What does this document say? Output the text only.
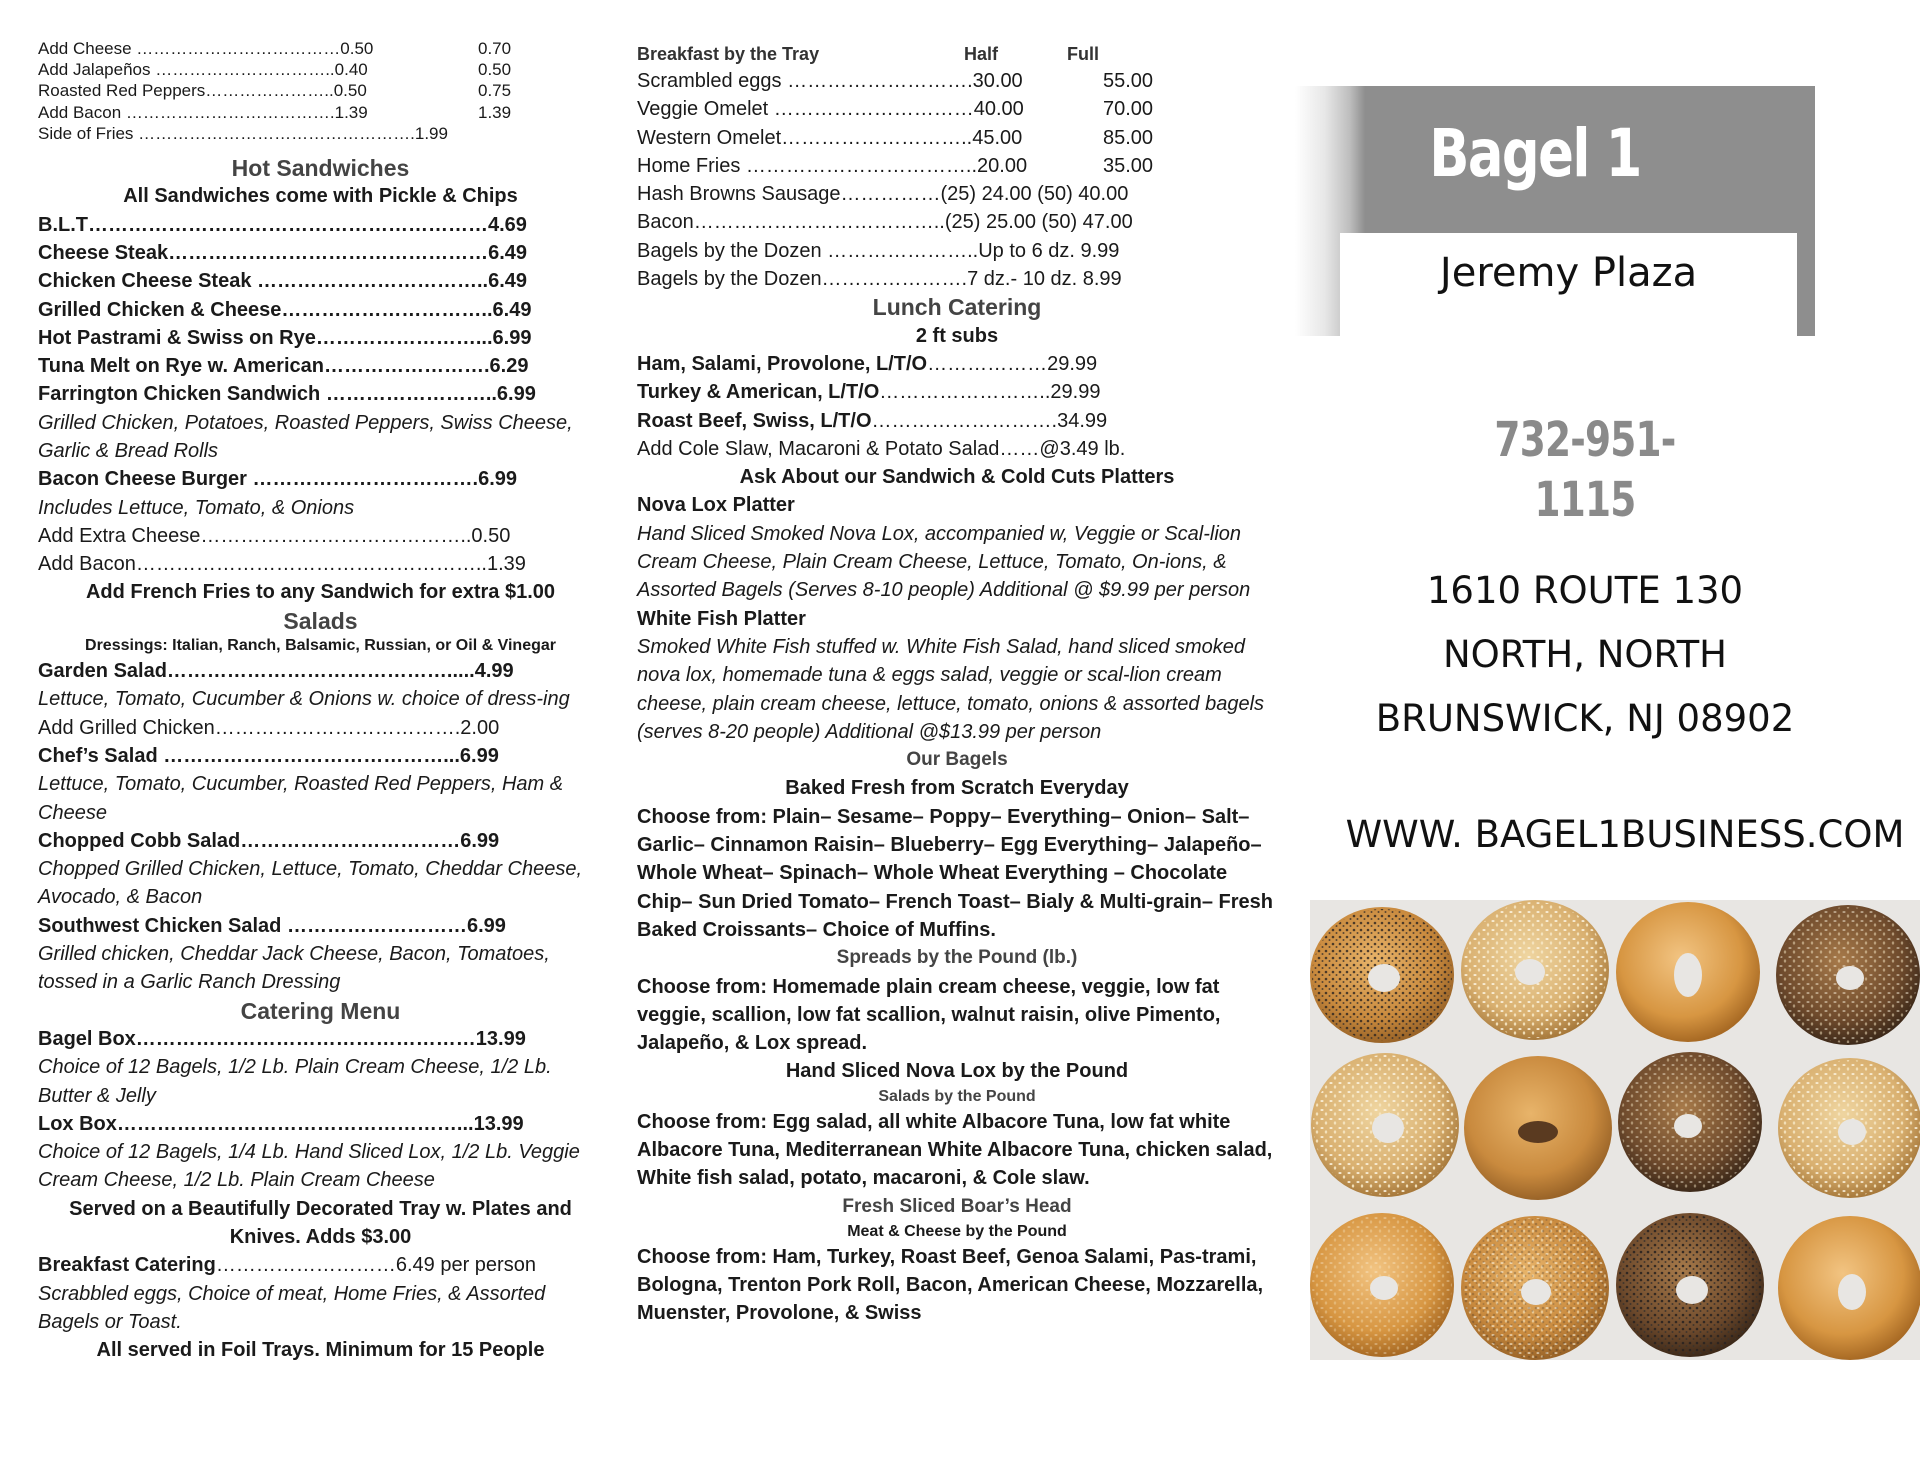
Add Cheese ………………………………0.50	0.70
Add Jalapeños …………………………..0.40	0.50
Roasted Red Peppers…………………..0.50	0.75
Add Bacon ……………………………….1.39	1.39
Side of Fries ………………………………………….1.99
Hot Sandwiches
All Sandwiches come with Pickle & Chips
B.L.T……………………………………………………4.69
Cheese Steak…………………………………………6.49
Chicken Cheese Steak ……………………………..6.49
Grilled Chicken & Cheese…………………………..6.49
Hot Pastrami & Swiss on Rye……………………...6.99
Tuna Melt on Rye w. American…………………….6.29
Farrington Chicken Sandwich ……………………..6.99
Grilled Chicken, Potatoes, Roasted Peppers, Swiss Cheese, Garlic & Bread Rolls
Bacon Cheese Burger …………………………….6.99
Includes Lettuce, Tomato, & Onions
Add Extra Cheese…………………………………..0.50
Add Bacon……………………………………………..1.39
Add French Fries to any Sandwich for extra $1.00
Salads
Dressings: Italian, Ranch, Balsamic, Russian, or Oil & Vinegar
Garden Salad…………………………………….....4.99
Lettuce, Tomato, Cucumber & Onions w. choice of dress-ing
Add Grilled Chicken……………………………….2.00
Chef’s Salad ……………………………………...6.99
Lettuce, Tomato, Cucumber, Roasted Red Peppers, Ham & Cheese
Chopped Cobb Salad……………………………6.99
Chopped Grilled Chicken, Lettuce, Tomato, Cheddar Cheese, Avocado, & Bacon
Southwest Chicken Salad ………………………6.99
Grilled chicken, Cheddar Jack Cheese, Bacon, Tomatoes, tossed in a Garlic Ranch Dressing
Catering Menu
Bagel Box……………………………………………13.99
Choice of 12 Bagels, 1/2 Lb. Plain Cream Cheese, 1/2 Lb. Butter & Jelly
Lox Box……………………………………………...13.99
Choice of 12 Bagels, 1/4 Lb. Hand Sliced Lox, 1/2 Lb. Veggie Cream Cheese, 1/2 Lb. Plain Cream Cheese
Served on a Beautifully Decorated Tray w. Plates and Knives. Adds $3.00
Breakfast Catering………………………6.49 per person
Scrabbled eggs, Choice of meat, Home Fries, & Assorted Bagels or Toast.
All served in Foil Trays. Minimum for 15 People
Breakfast by the Tray	Half	Full
Scrambled eggs ……………………….30.00	55.00
Veggie Omelet …………………………40.00	70.00
Western Omelet………………………..45.00	85.00
Home Fries ……………………………..20.00	35.00
Hash Browns Sausage……………(25) 24.00 (50) 40.00
Bacon………………………………..(25) 25.00 (50) 47.00
Bagels by the Dozen …………………..Up to 6 dz. 9.99
Bagels by the Dozen………………….7 dz.- 10 dz. 8.99
Lunch Catering
2 ft subs
Ham, Salami, Provolone, L/T/O………………29.99
Turkey & American, L/T/O……………………..29.99
Roast Beef, Swiss, L/T/O……………………….34.99
Add Cole Slaw, Macaroni & Potato Salad……@3.49 lb.
Ask About our Sandwich & Cold Cuts Platters
Nova Lox Platter
Hand Sliced Smoked Nova Lox, accompanied w, Veggie or Scal-lion Cream Cheese, Plain Cream Cheese, Lettuce, Tomato, On-ions, & Assorted Bagels (Serves 8-10 people) Additional @ $9.99 per person
White Fish Platter
Smoked White Fish stuffed w. White Fish Salad, hand sliced smoked nova lox, homemade tuna & eggs salad, veggie or scal-lion cream cheese, plain cream cheese, lettuce, tomato, onions & assorted bagels (serves 8-20 people) Additional @$13.99 per person
Our Bagels
Baked Fresh from Scratch Everyday
Choose from: Plain– Sesame– Poppy– Everything– Onion– Salt– Garlic– Cinnamon Raisin– Blueberry– Egg Everything– Jalapeño– Whole Wheat– Spinach– Whole Wheat Everything – Chocolate Chip– Sun Dried Tomato– French Toast– Bialy & Multi-grain– Fresh Baked Croissants– Choice of Muffins.
Spreads by the Pound (lb.)
Choose from: Homemade plain cream cheese, veggie, low fat veggie, scallion, low fat scallion, walnut raisin, olive Pimento, Jalapeño, & Lox spread.
Hand Sliced Nova Lox by the Pound
Salads by the Pound
Choose from: Egg salad, all white Albacore Tuna, low fat white Albacore Tuna, Mediterranean White Albacore Tuna, chicken salad, White fish salad, potato, macaroni, & Cole slaw.
Fresh Sliced Boar’s Head
Meat & Cheese by the Pound
Choose from: Ham, Turkey, Roast Beef, Genoa Salami, Pas-trami, Bologna, Trenton Pork Roll, Bacon, American Cheese, Mozzarella, Muenster, Provolone, & Swiss
Bagel 1
Jeremy Plaza
732-951-1115
1610 ROUTE 130
NORTH, NORTH
BRUNSWICK, NJ 08902
WWW. BAGEL1BUSINESS.COM
